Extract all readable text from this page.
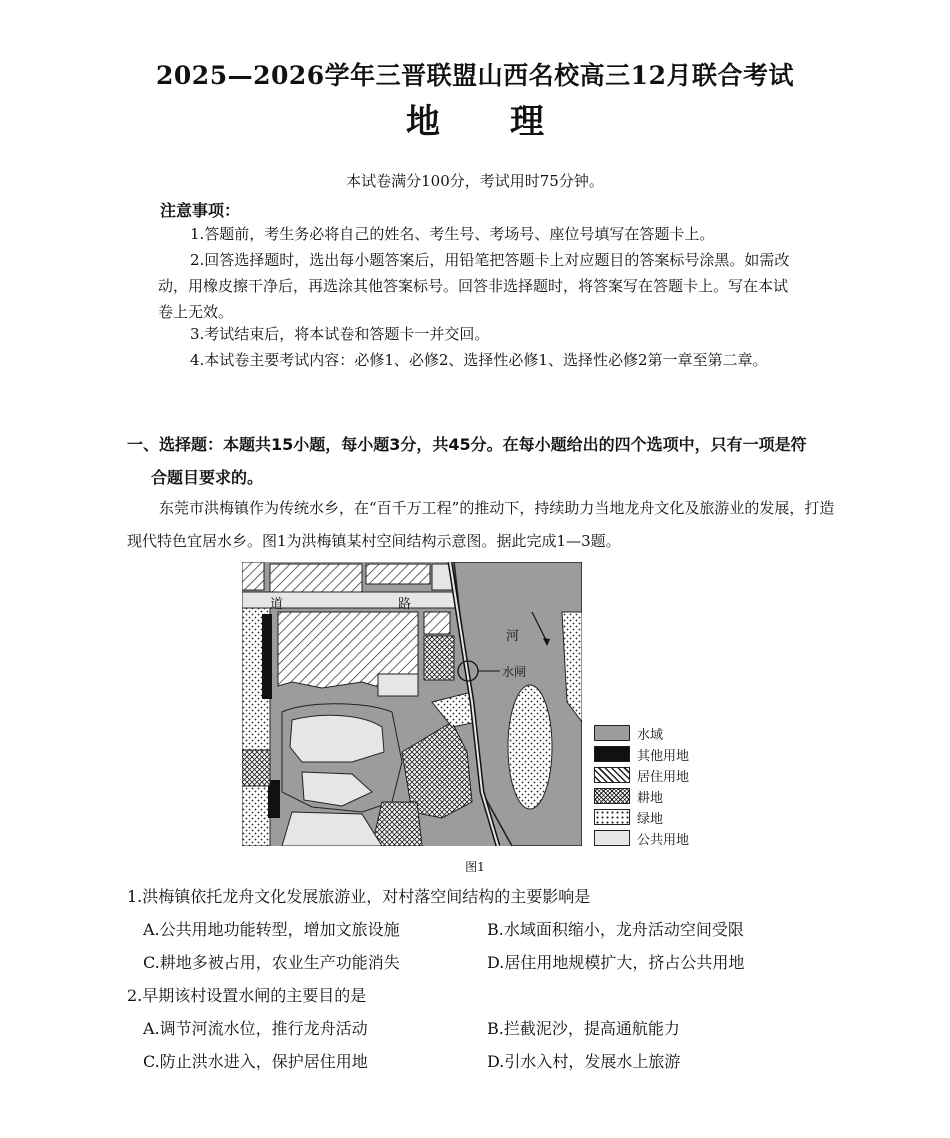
2025—2026学年三晋联盟山西名校高三12月联合考试
地理
本试卷满分100分，考试用时75分钟。
注意事项：
1.答题前，考生务必将自己的姓名、考生号、考场号、座位号填写在答题卡上。
2.回答选择题时，选出每小题答案后，用铅笔把答题卡上对应题目的答案标号涂黑。如需改动，用橡皮擦干净后，再选涂其他答案标号。回答非选择题时，将答案写在答题卡上。写在本试卷上无效。
3.考试结束后，将本试卷和答题卡一并交回。
4.本试卷主要考试内容：必修1、必修2、选择性必修1、选择性必修2第一章至第二章。
一、选择题：本题共15小题，每小题3分，共45分。在每小题给出的四个选项中，只有一项是符
合题目要求的。
东莞市洪梅镇作为传统水乡，在“百千万工程”的推动下，持续助力当地龙舟文化及旅游业的发展，打造现代特色宜居水乡。图1为洪梅镇某村空间结构示意图。据此完成1—3题。
道	路
河
水闸
水域
其他用地
居住用地
耕地
绿地
公共用地
图1
1.洪梅镇依托龙舟文化发展旅游业，对村落空间结构的主要影响是
A.公共用地功能转型，增加文旅设施	B.水域面积缩小，龙舟活动空间受限
C.耕地多被占用，农业生产功能消失	D.居住用地规模扩大，挤占公共用地
2.早期该村设置水闸的主要目的是
A.调节河流水位，推行龙舟活动	B.拦截泥沙，提高通航能力
C.防止洪水进入，保护居住用地	D.引水入村，发展水上旅游
